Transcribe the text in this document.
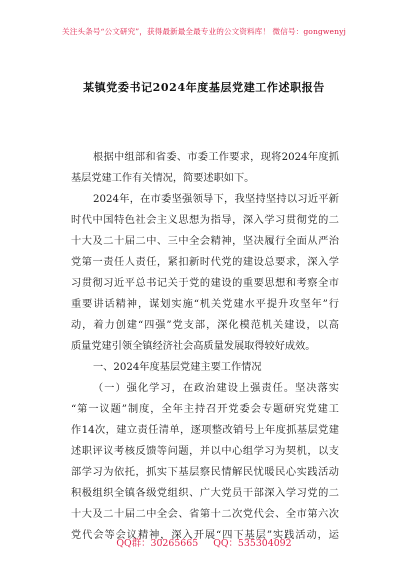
关注头条号“公文研究”，获得最新最全最专业的公文资料库！ 微信号：gongwenyj
某镇党委书记2024年度基层党建工作述职报告
根据中组部和省委、市委工作要求，现将2024年度抓
基层党建工作有关情况，简要述职如下。
2024年，在市委坚强领导下，我坚持坚持以习近平新
时代中国特色社会主义思想为指导，深入学习贯彻党的二
十大及二十届二中、三中全会精神，坚决履行全面从严治
党第一责任人责任，紧扣新时代党的建设总要求，深入学
习贯彻习近平总书记关于党的建设的重要思想和考察全市
重要讲话精神，谋划实施“机关党建水平提升攻坚年”行
动，着力创建“四强”党支部，深化模范机关建设，以高
质量党建引领全镇经济社会高质量发展取得较好成效。
一、2024年度基层党建主要工作情况
（一）强化学习，在政治建设上强责任。坚决落实
“第一议题”制度，全年主持召开党委会专题研究党建工
作14次，建立责任清单，逐项整改销号上年度抓基层党建
述职评议考核反馈等问题，并以中心组学习为契机，以支
部学习为依托，抓实下基层察民情解民忧暖民心实践活动
积极组织全镇各级党组织、广大党员干部深入学习党的二
十大及二十届二中全会、省第十二次党代会、全市第六次
党代会等会议精神，深入开展“四下基层”实践活动，运
QQ群：30265665 QQ：535304092
